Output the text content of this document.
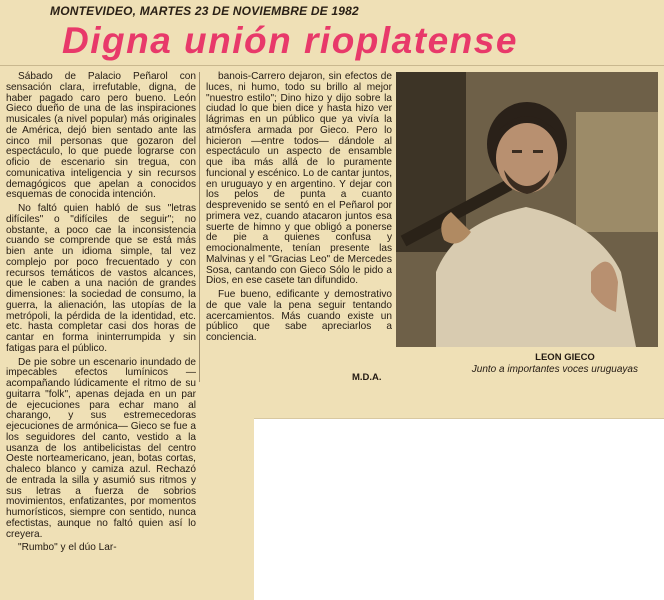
MONTEVIDEO, MARTES 23 DE NOVIEMBRE DE 1982
Digna unión rioplatense

Sábado de Palacio Peñarol con sensación clara, irrefutable, digna, de haber pagado caro pero bueno. León Gieco dueño de una de las inspiraciones musicales (a nivel popular) más originales de América, dejó bien sentado ante las cinco mil personas que gozaron del espectáculo, lo que puede lograrse con oficio de escenario sin tregua, con comunicativa inteligencia y sin recursos demagógicos que apelan a conocidos esquemas de conocida intención.

No faltó quien habló de sus "letras difíciles" o "difíciles de seguir"; no obstante, a poco cae la inconsistencia cuando se comprende que se está más bien ante un idioma simple, tal vez complejo por poco frecuentado y con recursos temáticos de vastos alcances, que le caben a una nación de grandes dimensiones: la sociedad de consumo, la guerra, la alienación, las utopías de la metrópoli, la pérdida de la identidad, etc. etc. hasta completar casi dos horas de cantar en forma ininterrumpida y sin fatigas para el público.

De pie sobre un escenario inundado de impecables efectos lumínicos —acompañando lúdicamente el ritmo de su guitarra "folk", apenas dejada en un par de ejecuciones para echar mano al charango, y sus estremecedoras ejecuciones de armónica— Gieco se fue a los seguidores del canto, vestido a la usanza de los antibelicistas del centro Oeste norteamericano, jean, botas cortas, chaleco blanco y camiza azul. Rechazó de entrada la silla y asumió sus ritmos y sus letras a fuerza de sobrios movimientos, enfatizantes, por momentos humorísticos, siempre con sentido, nunca efectistas, aunque no faltó quien así lo creyera.

"Rumbo" y el dúo Lar-

banois-Carrero dejaron, sin efectos de luces, ni humo, todo su brillo al mejor "nuestro estilo"; Dino hizo y dijo sobre la ciudad lo que bien dice y hasta hizo ver lágrimas en un público que ya vivía la atmósfera armada por Gieco. Pero lo hicieron —entre todos— dándole al espectáculo un aspecto de ensamble que iba más allá de lo puramente funcional y escénico. Lo de cantar juntos, en uruguayo y en argentino. Y dejar con los pelos de punta a cuanto desprevenido se sentó en el Peñarol por primera vez, cuando atacaron juntos esa suerte de himno y que obligó a ponerse de pie a quienes confusa y emocionalmente, tenían presente las Malvinas y el "Gracias Leo" de Mercedes Sosa, cantando con Gieco Sólo le pido a Dios, en ese casete tan difundido.

Fue bueno, edificante y demostrativo de que vale la pena seguir tentando acercamientos. Más cuando existe un público que sabe apreciarlos a conciencia.

M.D.A.
LEON GIECO
Junto a importantes voces uruguayas
